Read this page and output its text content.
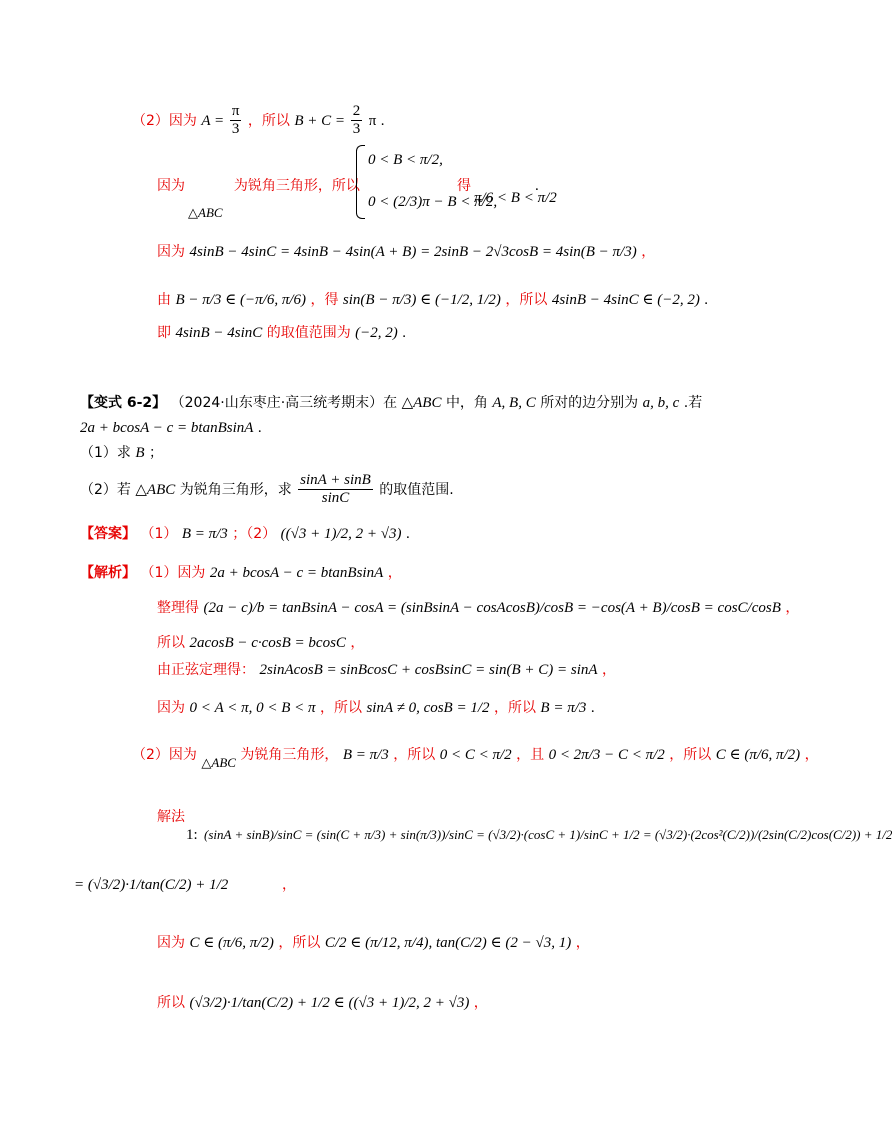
（2）因为 $A = \frac{\pi}{3}$ ，所以 $B + C = \frac{2}{3}$ π .
因为	为锐角三角形，所以
△ABC
0 < B < π/2,
0 < (2/3)π − B < π/2,
得
π/6 < B < π/2
.
因为 4sinB − 4sinC = 4sinB − 4sin(A + B) = 2sinB − 2√3cosB = 4sin(B − π/3) ，
由 B − π/3 ∈ (−π/6, π/6) ，得 sin(B − π/3) ∈ (−1/2, 1/2) ，所以 4sinB − 4sinC ∈ (−2, 2) .
即 4sinB − 4sinC 的取值范围为 (−2, 2) .
【变式 6-2】 （2024·山东枣庄·高三统考期末）在 △ABC 中，角 A, B, C 所对的边分别为 a, b, c .若
2a + bcosA − c = btanBsinA .
（1）求 B ；
（2）若 △ABC 为锐角三角形，求 $\frac{\sin A + \sin B}{\sin C}$ 的取值范围.
【答案】 （1） B = π/3 ；（2） ((√3 + 1)/2, 2 + √3) .
【解析】 （1）因为 2a + bcosA − c = btanBsinA ，
整理得 (2a − c)/b = tanBsinA − cosA = (sinBsinA − cosAcosB)/cosB = −cos(A + B)/cosB = cosC/cosB ，
所以 2acosB − c·cosB = bcosC ，
由正弦定理得： 2sinAcosB = sinBcosC + cosBsinC = sin(B + C) = sinA ，
因为 0 < A < π, 0 < B < π ，所以 sinA ≠ 0, cosB = 1/2 ，所以 B = π/3 .
（2）因为 △ABC 为锐角三角形， B = π/3 ，所以 0 < C < π/2 ，且 0 < 2π/3 − C < π/2 ，所以 C ∈ (π/6, π/2) ，
解法
1: (sinA + sinB)/sinC = (sin(C + π/3) + sin(π/3))/sinC = (√3/2)·(cosC + 1)/sinC + 1/2 = (√3/2)·(2cos²(C/2))/(2sin(C/2)cos(C/2)) + 1/2
= (√3/2)·1/tan(C/2) + 1/2	，
因为 C ∈ (π/6, π/2) ，所以 C/2 ∈ (π/12, π/4), tan(C/2) ∈ (2 − √3, 1) ，
所以 (√3/2)·1/tan(C/2) + 1/2 ∈ ((√3 + 1)/2, 2 + √3) ，
